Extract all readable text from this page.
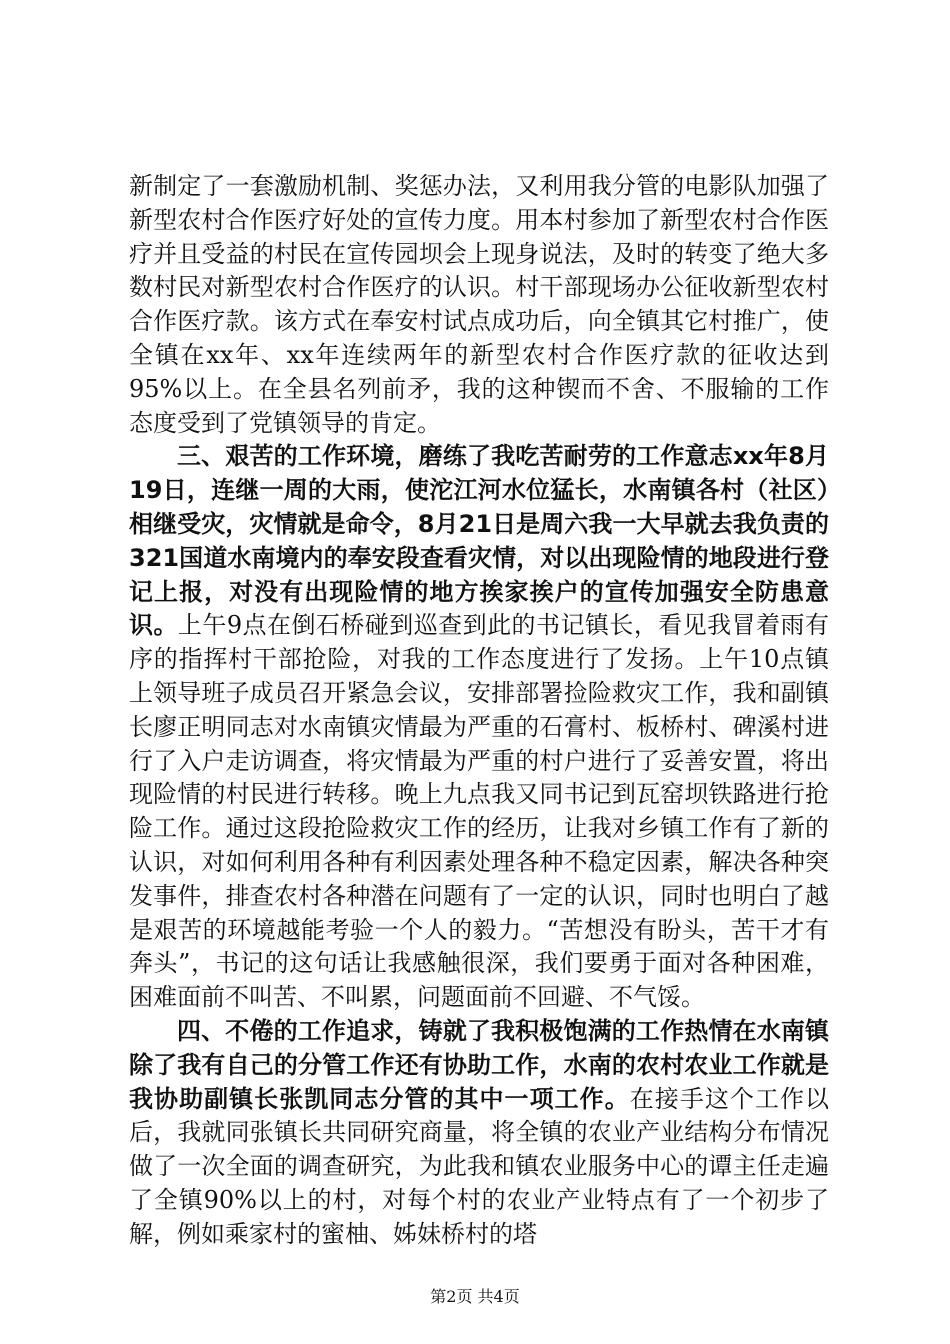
新制定了一套激励机制、奖惩办法，又利用我分管的电影队加强了新型农村合作医疗好处的宣传力度。用本村参加了新型农村合作医疗并且受益的村民在宣传园坝会上现身说法，及时的转变了绝大多数村民对新型农村合作医疗的认识。村干部现场办公征收新型农村合作医疗款。该方式在奉安村试点成功后，向全镇其它村推广，使全镇在xx年、xx年连续两年的新型农村合作医疗款的征收达到95%以上。在全县名列前矛，我的这种锲而不舍、不服输的工作态度受到了党镇领导的肯定。

三、艰苦的工作环境，磨练了我吃苦耐劳的工作意志xx年8月19日，连继一周的大雨，使沱江河水位猛长，水南镇各村（社区）相继受灾，灾情就是命令，8月21日是周六我一大早就去我负责的321国道水南境内的奉安段查看灾情，对以出现险情的地段进行登记上报，对没有出现险情的地方挨家挨户的宣传加强安全防患意识。上午9点在倒石桥碰到巡查到此的书记镇长，看见我冒着雨有序的指挥村干部抢险，对我的工作态度进行了发扬。上午10点镇上领导班子成员召开紧急会议，安排部署捡险救灾工作，我和副镇长廖正明同志对水南镇灾情最为严重的石膏村、板桥村、碑溪村进行了入户走访调查，将灾情最为严重的村户进行了妥善安置，将出现险情的村民进行转移。晚上九点我又同书记到瓦窑坝铁路进行抢险工作。通过这段抢险救灾工作的经历，让我对乡镇工作有了新的认识，对如何利用各种有利因素处理各种不稳定因素，解决各种突发事件，排查农村各种潜在问题有了一定的认识，同时也明白了越是艰苦的环境越能考验一个人的毅力。“苦想没有盼头，苦干才有奔头”，书记的这句话让我感触很深，我们要勇于面对各种困难，困难面前不叫苦、不叫累，问题面前不回避、不气馁。

四、不倦的工作追求，铸就了我积极饱满的工作热情在水南镇除了我有自己的分管工作还有协助工作，水南的农村农业工作就是我协助副镇长张凯同志分管的其中一项工作。在接手这个工作以后，我就同张镇长共同研究商量，将全镇的农业产业结构分布情况做了一次全面的调查研究，为此我和镇农业服务中心的谭主任走遍了全镇90%以上的村，对每个村的农业产业特点有了一个初步了解，例如乘家村的蜜柚、姊妹桥村的塔

第2页 共4页
